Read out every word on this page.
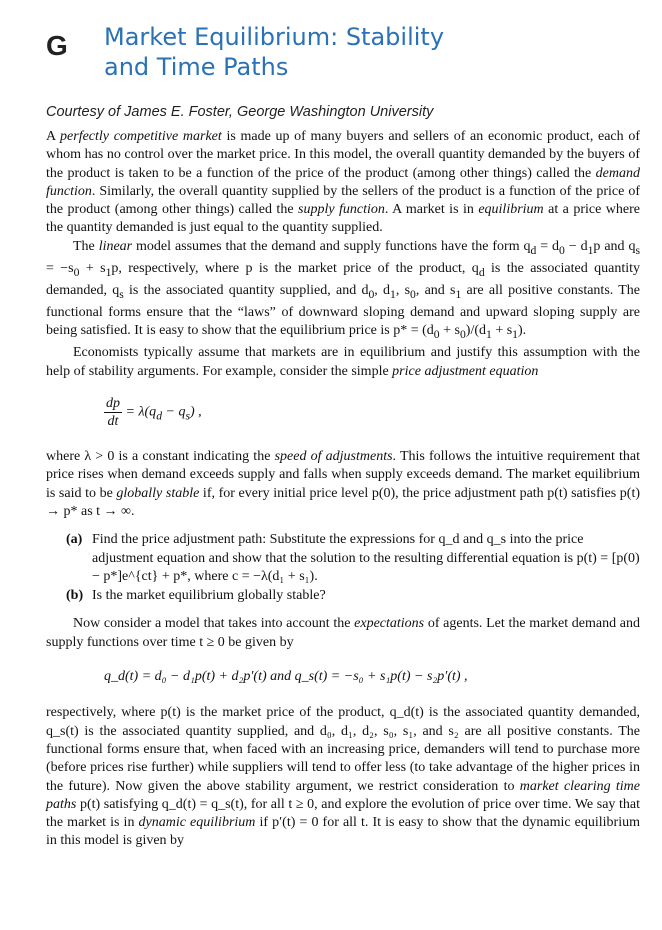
G Market Equilibrium: Stability
and Time Paths
Courtesy of James E. Foster, George Washington University

A perfectly competitive market is made up of many buyers and sellers of an economic product, each of whom has no control over the market price. In this model, the overall quantity demanded by the buyers of the product is taken to be a function of the price of the product (among other things) called the demand function. Similarly, the overall quantity supplied by the sellers of the product is a function of the price of the product (among other things) called the supply function. A market is in equilibrium at a price where the quantity demanded is just equal to the quantity supplied.

The linear model assumes that the demand and supply functions have the form $q_d = d_0 - d_1p$ and $q_s = -s_0 + s_1p$, respectively, where p is the market price of the product, $q_d$ is the associated quantity demanded, $q_s$ is the associated quantity supplied, and $d_0$, $d_1$, $s_0$, and $s_1$ are all positive constants. The functional forms ensure that the “laws” of downward sloping demand and upward sloping supply are being satisfied. It is easy to show that the equilibrium price is $p* = (d_0 + s_0)/(d_1 + s_1)$.

Economists typically assume that markets are in equilibrium and justify this assumption with the help of stability arguments. For example, consider the simple price adjustment equation

$\frac{dp}{dt} = \lambda(q_d - q_s)$ ,

where λ > 0 is a constant indicating the speed of adjustments. This follows the intuitive requirement that price rises when demand exceeds supply and falls when supply exceeds demand. The market equilibrium is said to be globally stable if, for every initial price level p(0), the price adjustment path p(t) satisfies p(t) → p* as t → ∞.

(a) Find the price adjustment path: Substitute the expressions for q_d and q_s into the price adjustment equation and show that the solution to the resulting differential equation is p(t) = [p(0) − p*]e^{ct} + p*, where c = −λ(d₁ + s₁).
(b) Is the market equilibrium globally stable?

Now consider a model that takes into account the expectations of agents. Let the market demand and supply functions over time t ≥ 0 be given by

q_d(t) = d₀ − d₁p(t) + d₂p′(t) and q_s(t) = −s₀ + s₁p(t) − s₂p′(t) ,

respectively, where p(t) is the market price of the product, q_d(t) is the associated quantity demanded, q_s(t) is the associated quantity supplied, and d₀, d₁, d₂, s₀, s₁, and s₂ are all positive constants. The functional forms ensure that, when faced with an increasing price, demanders will tend to purchase more (before prices rise further) while suppliers will tend to offer less (to take advantage of the higher prices in the future). Now given the above stability argument, we restrict consideration to market clearing time paths p(t) satisfying q_d(t) = q_s(t), for all t ≥ 0, and explore the evolution of price over time. We say that the market is in dynamic equilibrium if p′(t) = 0 for all t. It is easy to show that the dynamic equilibrium in this model is given by
